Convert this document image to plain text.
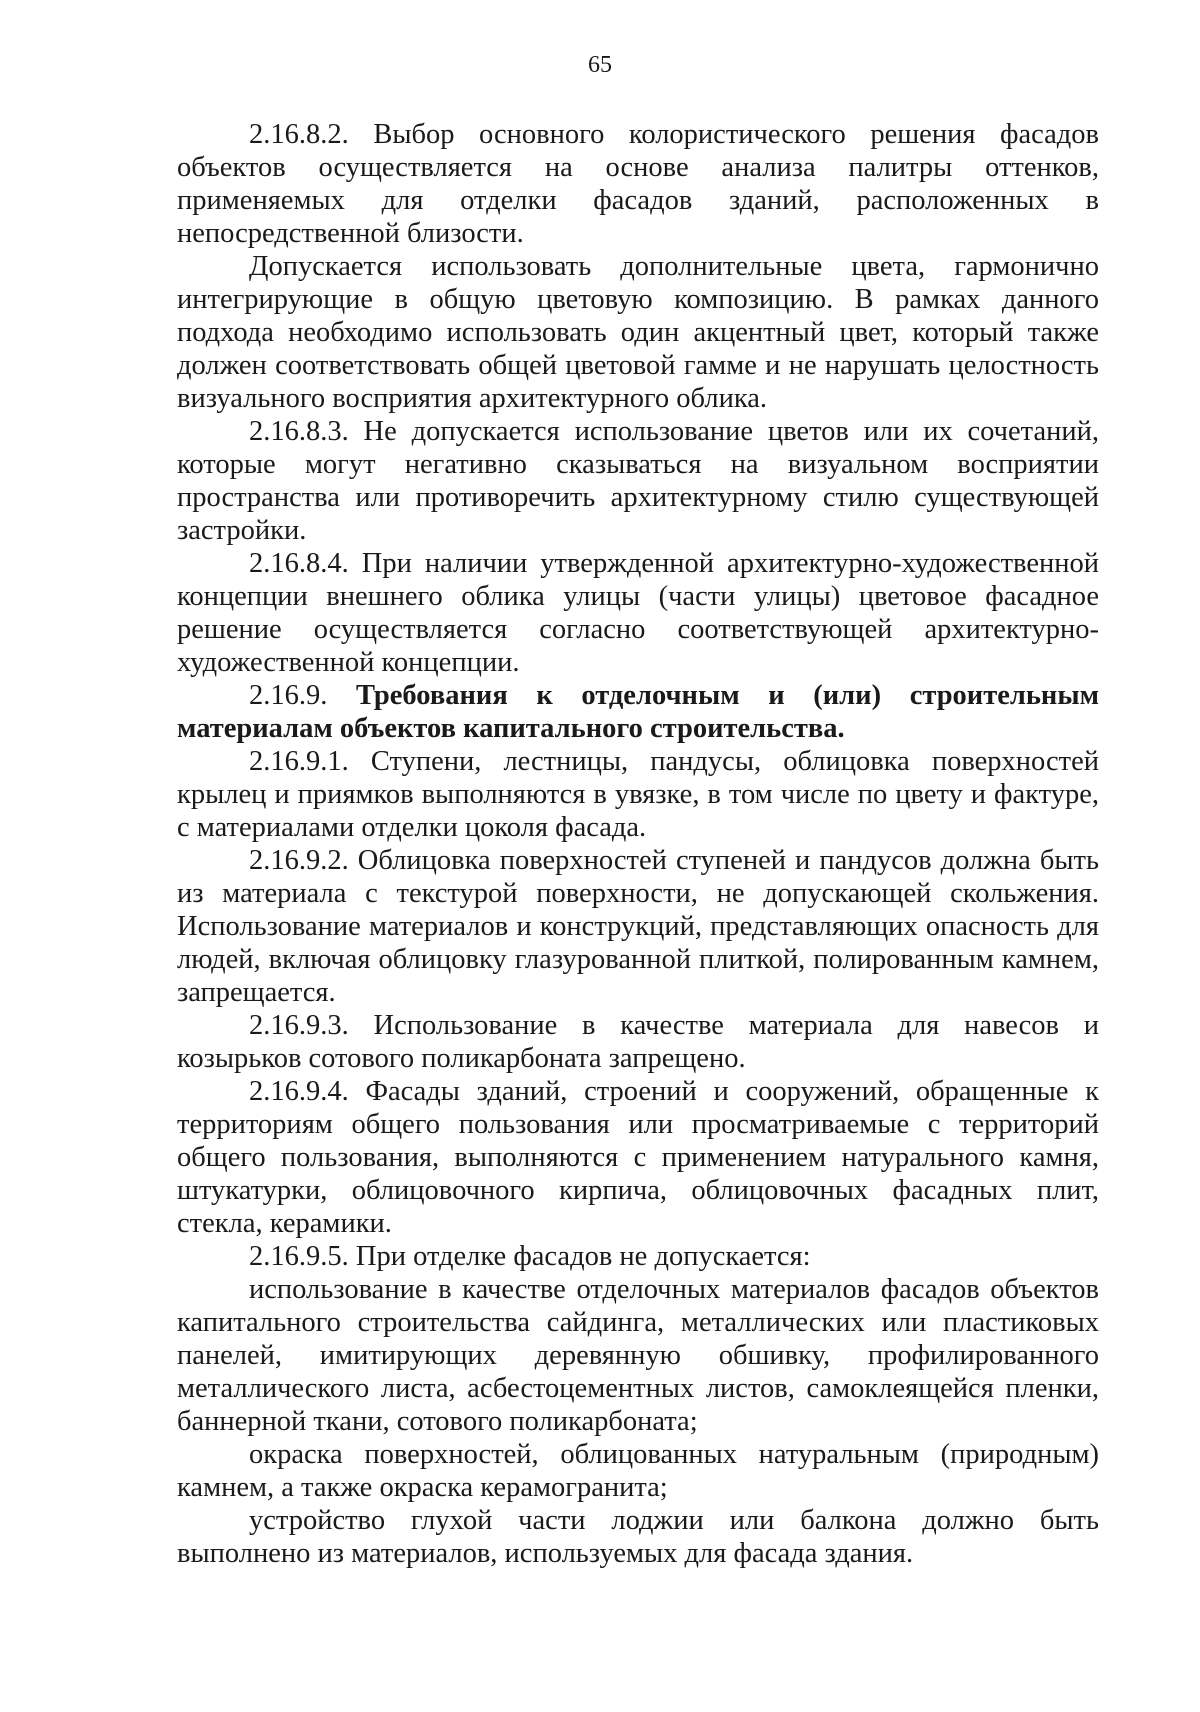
65

2.16.8.2. Выбор основного колористического решения фасадов объектов осуществляется на основе анализа палитры оттенков, применяемых для отделки фасадов зданий, расположенных в непосредственной близости.

Допускается использовать дополнительные цвета, гармонично интегрирующие в общую цветовую композицию. В рамках данного подхода необходимо использовать один акцентный цвет, который также должен соответствовать общей цветовой гамме и не нарушать целостность визуального восприятия архитектурного облика.

2.16.8.3. Не допускается использование цветов или их сочетаний, которые могут негативно сказываться на визуальном восприятии пространства или противоречить архитектурному стилю существующей застройки.

2.16.8.4. При наличии утвержденной архитектурно-художественной концепции внешнего облика улицы (части улицы) цветовое фасадное решение осуществляется согласно соответствующей архитектурно-художественной концепции.

2.16.9. Требования к отделочным и (или) строительным материалам объектов капитального строительства.

2.16.9.1. Ступени, лестницы, пандусы, облицовка поверхностей крылец и приямков выполняются в увязке, в том числе по цвету и фактуре, с материалами отделки цоколя фасада.

2.16.9.2. Облицовка поверхностей ступеней и пандусов должна быть из материала с текстурой поверхности, не допускающей скольжения. Использование материалов и конструкций, представляющих опасность для людей, включая облицовку глазурованной плиткой, полированным камнем, запрещается.

2.16.9.3. Использование в качестве материала для навесов и козырьков сотового поликарбоната запрещено.

2.16.9.4. Фасады зданий, строений и сооружений, обращенные к территориям общего пользования или просматриваемые с территорий общего пользования, выполняются с применением натурального камня, штукатурки, облицовочного кирпича, облицовочных фасадных плит, стекла, керамики.

2.16.9.5. При отделке фасадов не допускается:

использование в качестве отделочных материалов фасадов объектов капитального строительства сайдинга, металлических или пластиковых панелей, имитирующих деревянную обшивку, профилированного металлического листа, асбестоцементных листов, самоклеящейся пленки, баннерной ткани, сотового поликарбоната;

окраска поверхностей, облицованных натуральным (природным) камнем, а также окраска керамогранита;

устройство глухой части лоджии или балкона должно быть выполнено из материалов, используемых для фасада здания.
